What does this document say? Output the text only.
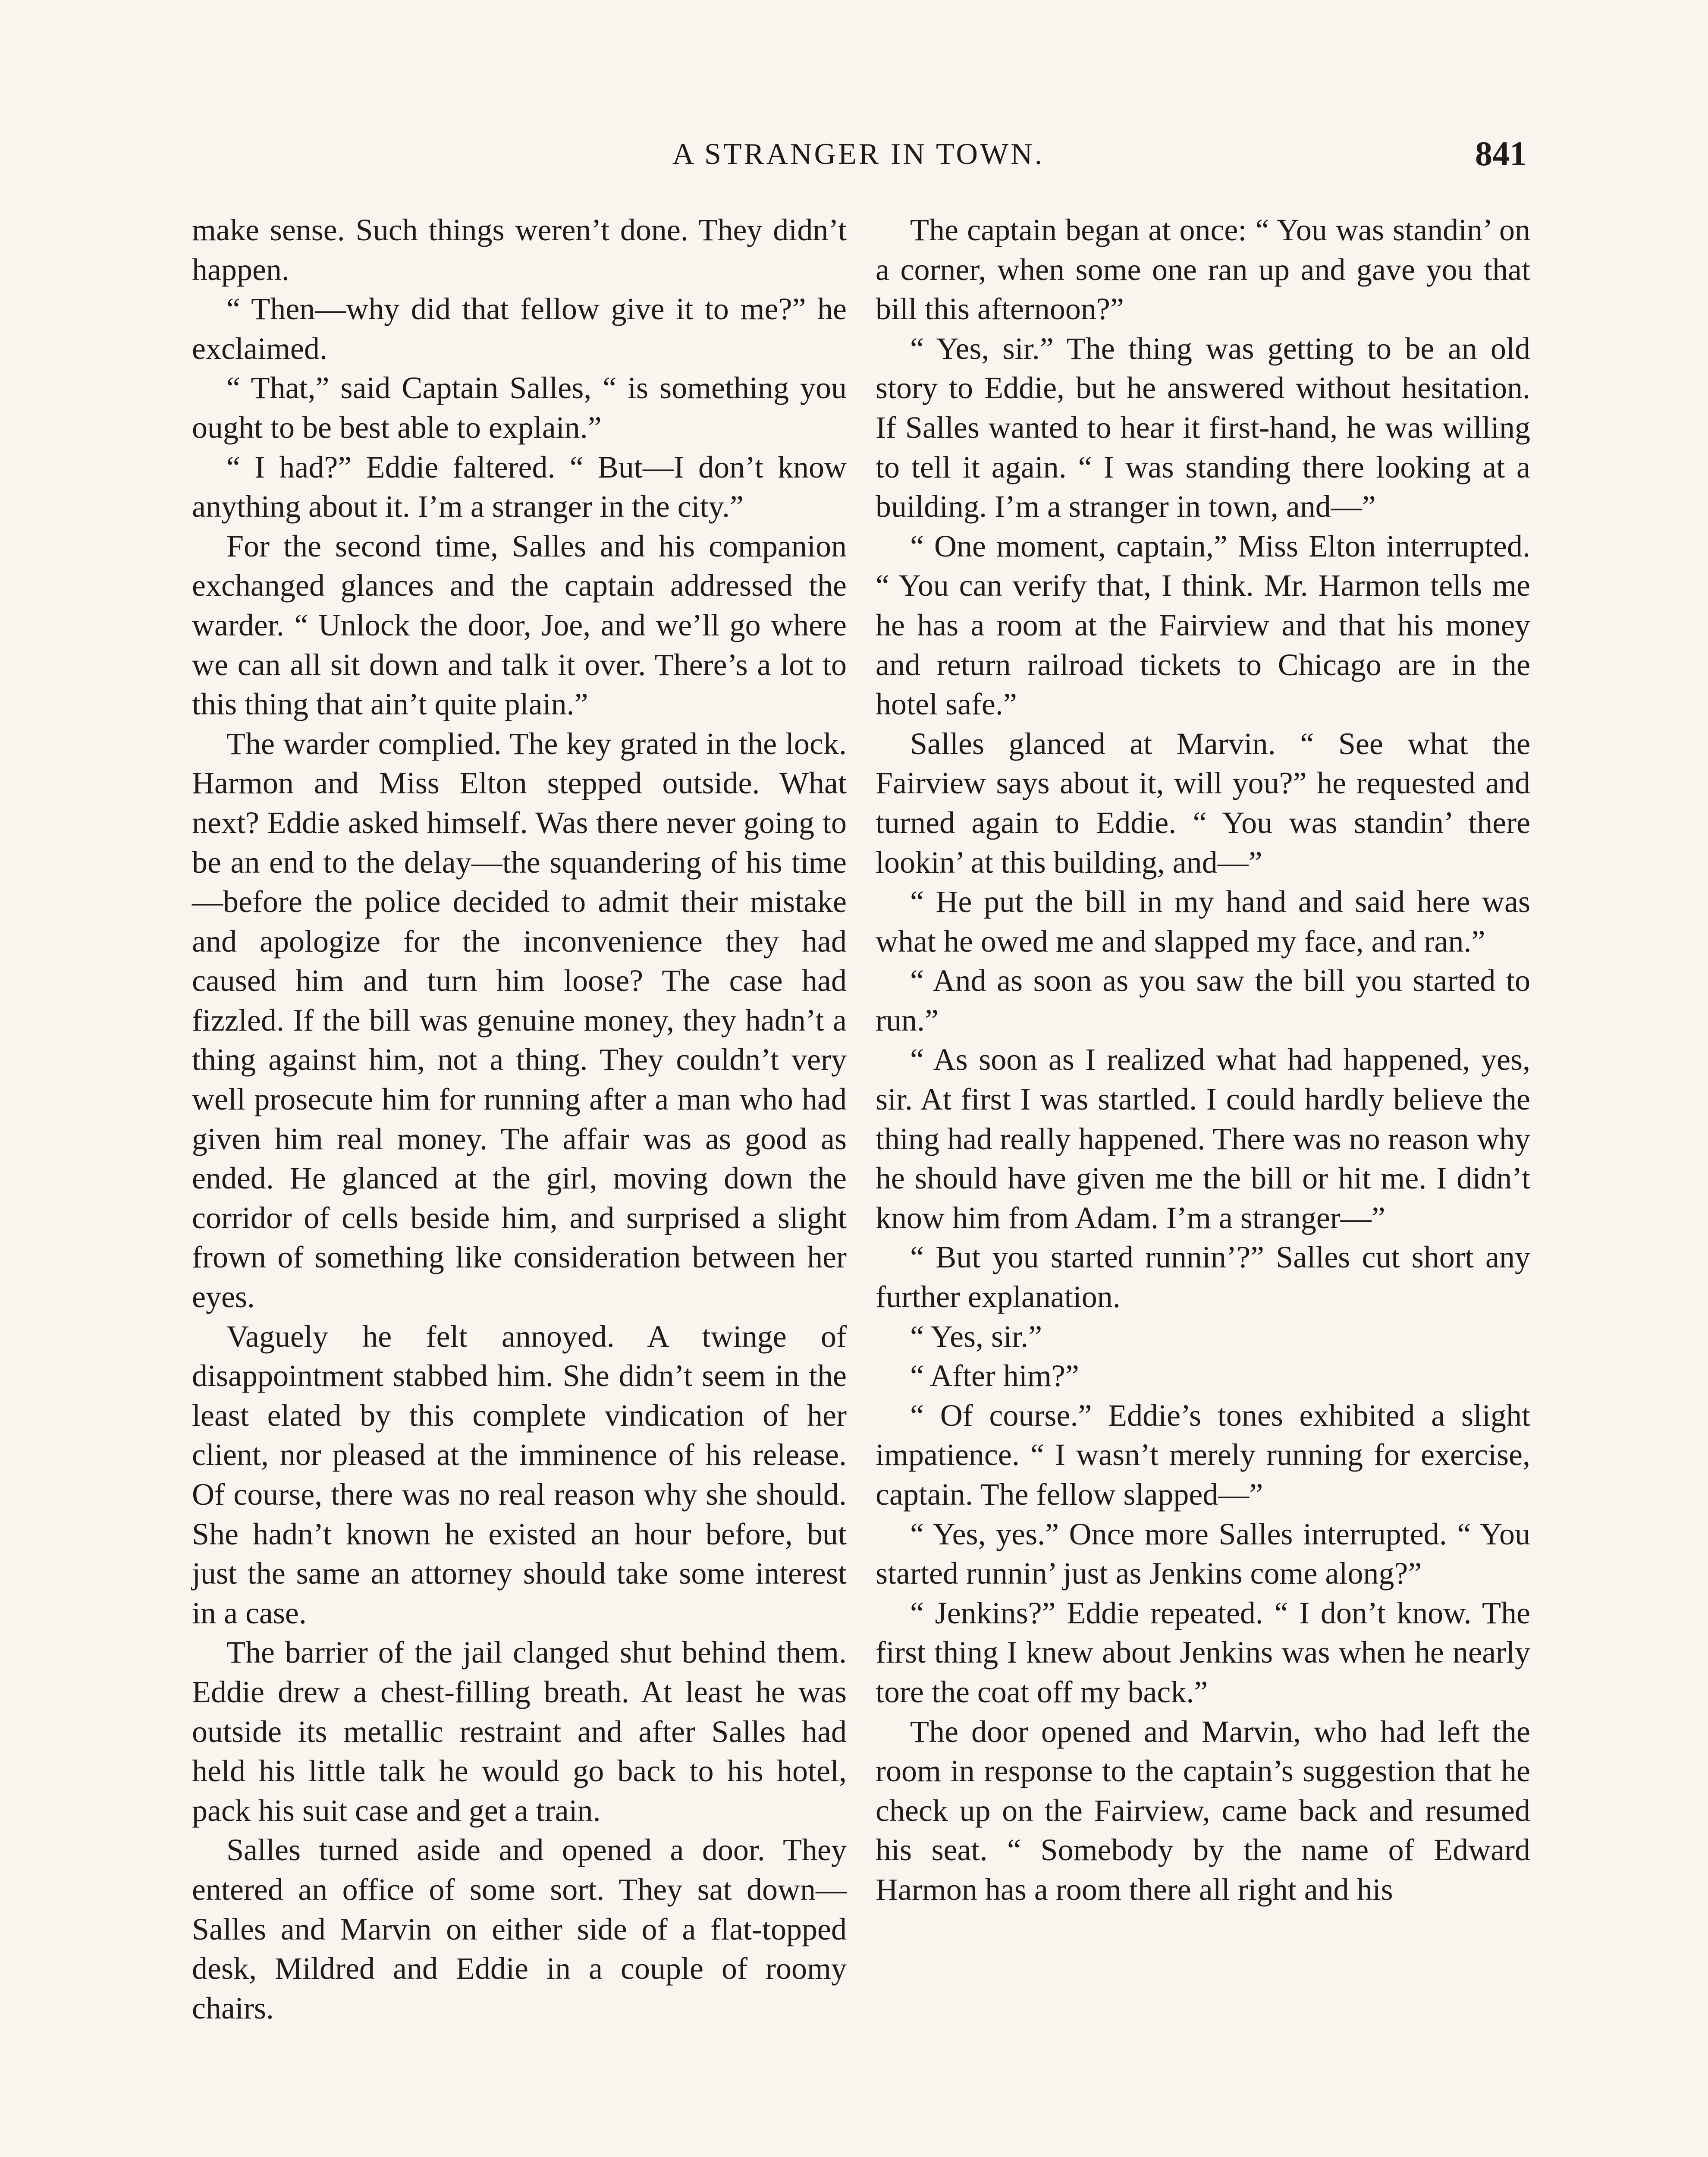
A STRANGER IN TOWN.	841

make sense. Such things weren’t done. They didn’t happen.

“ Then—why did that fellow give it to me?” he exclaimed.

“ That,” said Captain Salles, “ is something you ought to be best able to explain.”

“ I had?” Eddie faltered. “ But—I don’t know anything about it. I’m a stranger in the city.”

For the second time, Salles and his companion exchanged glances and the captain addressed the warder. “ Unlock the door, Joe, and we’ll go where we can all sit down and talk it over. There’s a lot to this thing that ain’t quite plain.”

The warder complied. The key grated in the lock. Harmon and Miss Elton stepped outside. What next? Eddie asked himself. Was there never going to be an end to the delay—the squandering of his time—before the police decided to admit their mistake and apologize for the inconvenience they had caused him and turn him loose? The case had fizzled. If the bill was genuine money, they hadn’t a thing against him, not a thing. They couldn’t very well prosecute him for running after a man who had given him real money. The affair was as good as ended. He glanced at the girl, moving down the corridor of cells beside him, and surprised a slight frown of something like consideration between her eyes.

Vaguely he felt annoyed. A twinge of disappointment stabbed him. She didn’t seem in the least elated by this complete vindication of her client, nor pleased at the imminence of his release. Of course, there was no real reason why she should. She hadn’t known he existed an hour before, but just the same an attorney should take some interest in a case.

The barrier of the jail clanged shut behind them. Eddie drew a chest-filling breath. At least he was outside its metallic restraint and after Salles had held his little talk he would go back to his hotel, pack his suit case and get a train.

Salles turned aside and opened a door. They entered an office of some sort. They sat down—Salles and Marvin on either side of a flat-topped desk, Mildred and Eddie in a couple of roomy chairs.

The captain began at once: “ You was standin’ on a corner, when some one ran up and gave you that bill this afternoon?”

“ Yes, sir.” The thing was getting to be an old story to Eddie, but he answered without hesitation. If Salles wanted to hear it first-hand, he was willing to tell it again. “ I was standing there looking at a building. I’m a stranger in town, and—”

“ One moment, captain,” Miss Elton interrupted. “ You can verify that, I think. Mr. Harmon tells me he has a room at the Fairview and that his money and return railroad tickets to Chicago are in the hotel safe.”

Salles glanced at Marvin. “ See what the Fairview says about it, will you?” he requested and turned again to Eddie. “ You was standin’ there lookin’ at this building, and—”

“ He put the bill in my hand and said here was what he owed me and slapped my face, and ran.”

“ And as soon as you saw the bill you started to run.”

“ As soon as I realized what had happened, yes, sir. At first I was startled. I could hardly believe the thing had really happened. There was no reason why he should have given me the bill or hit me. I didn’t know him from Adam. I’m a stranger—”

“ But you started runnin’?” Salles cut short any further explanation.

“ Yes, sir.”

“ After him?”

“ Of course.” Eddie’s tones exhibited a slight impatience. “ I wasn’t merely running for exercise, captain. The fellow slapped—”

“ Yes, yes.” Once more Salles interrupted. “ You started runnin’ just as Jenkins come along?”

“ Jenkins?” Eddie repeated. “ I don’t know. The first thing I knew about Jenkins was when he nearly tore the coat off my back.”

The door opened and Marvin, who had left the room in response to the captain’s suggestion that he check up on the Fairview, came back and resumed his seat. “ Somebody by the name of Edward Harmon has a room there all right and his
